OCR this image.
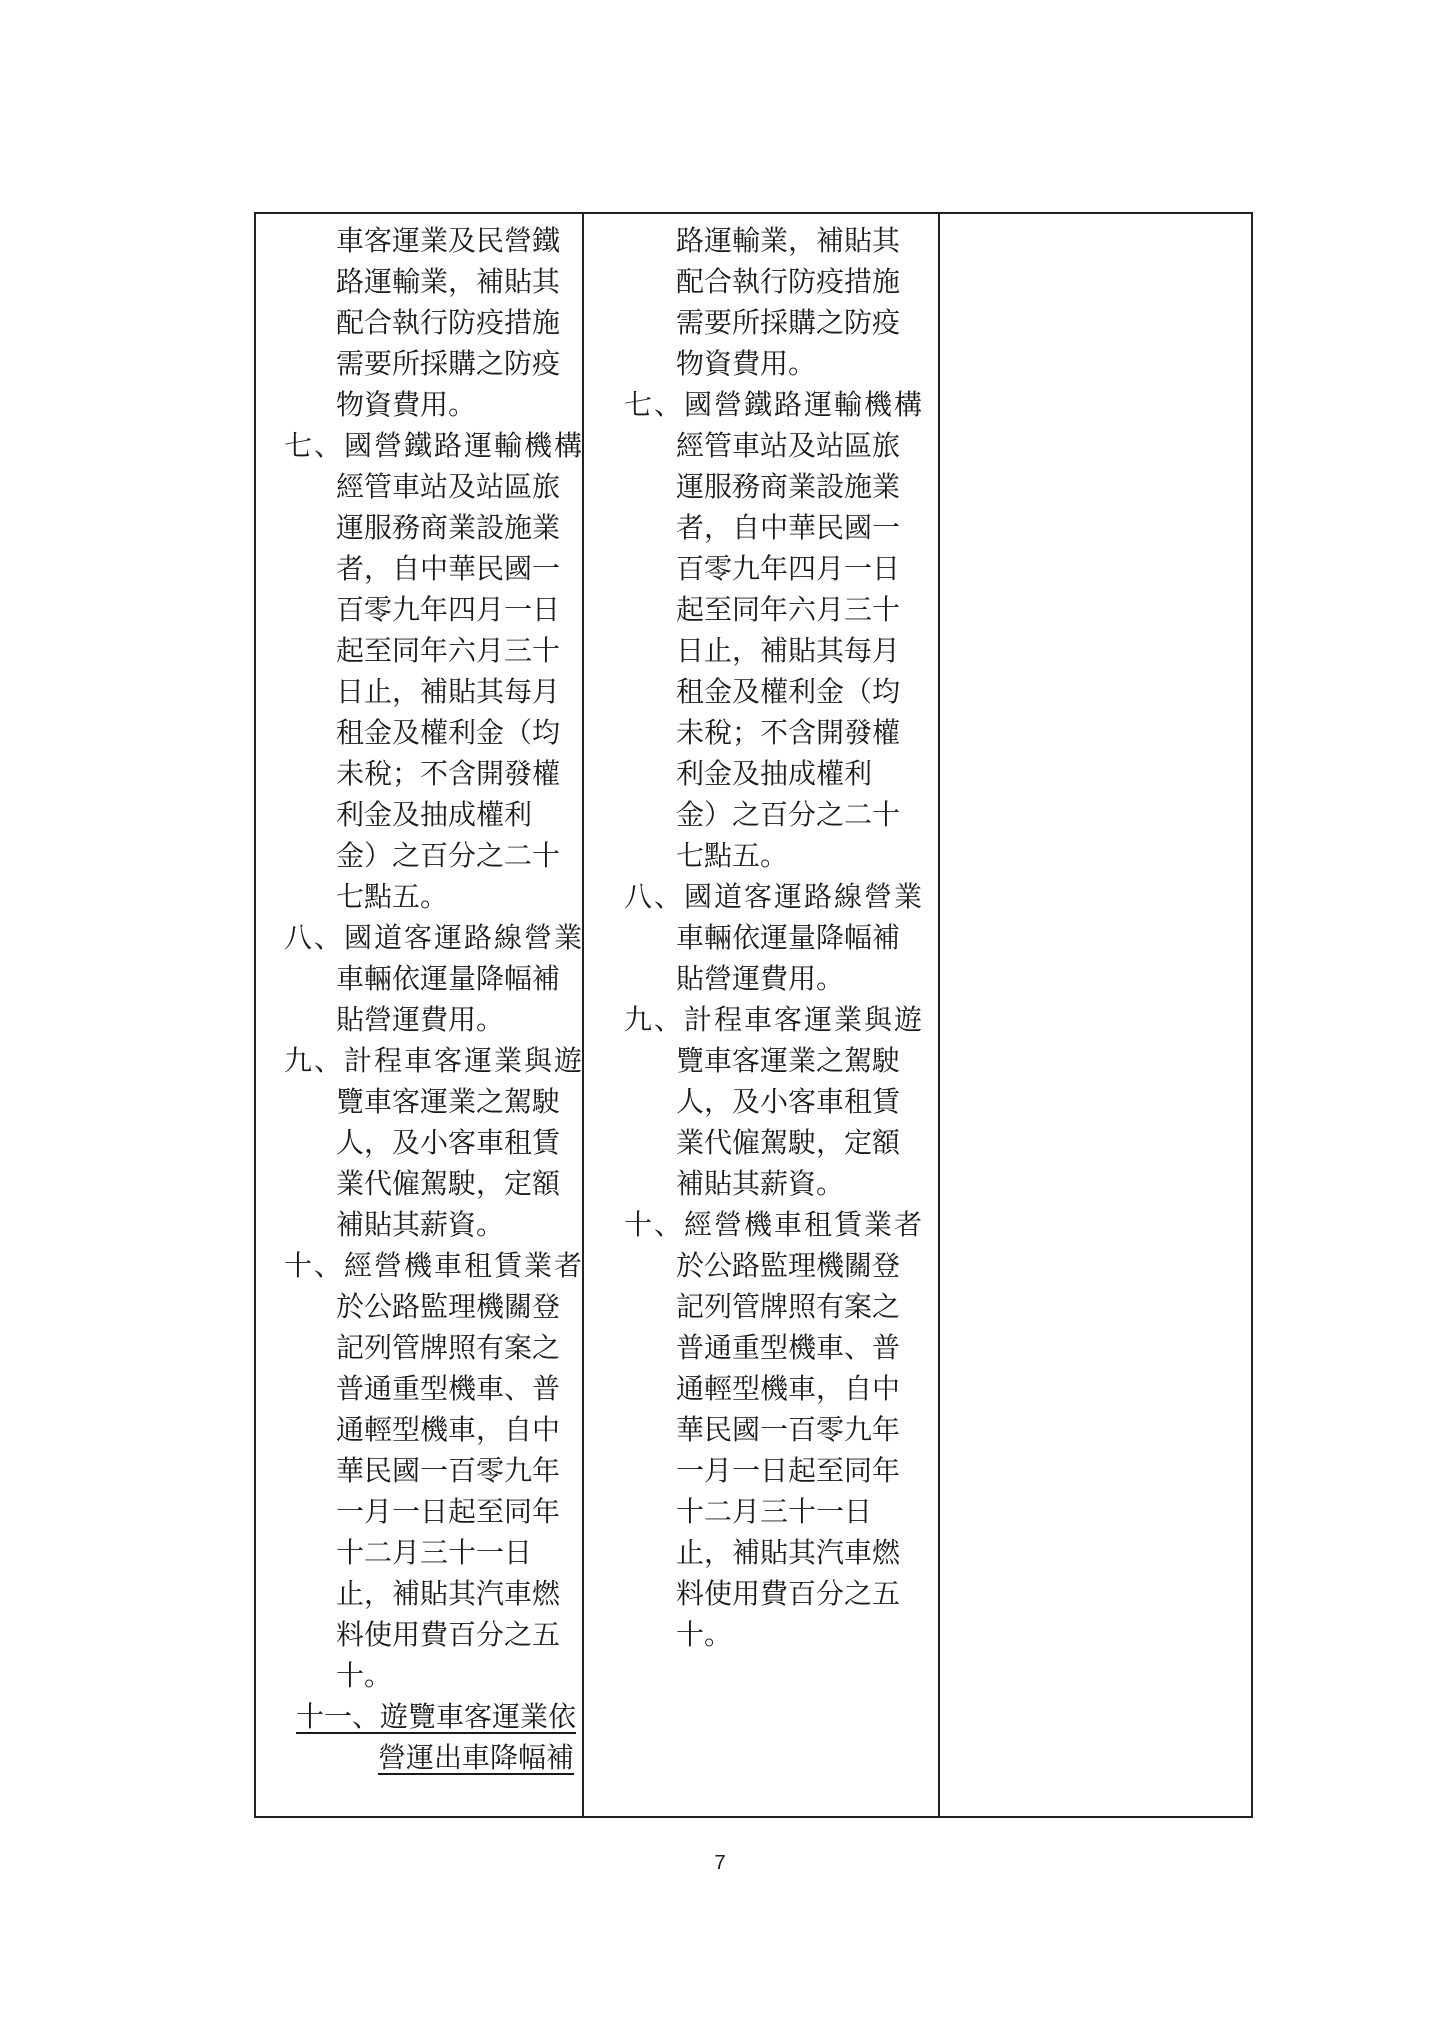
車客運業及民營鐵
路運輸業，補貼其
配合執行防疫措施
需要所採購之防疫
物資費用。
七、國營鐵路運輸機構
經管車站及站區旅
運服務商業設施業
者，自中華民國一
百零九年四月一日
起至同年六月三十
日止，補貼其每月
租金及權利金（均
未稅；不含開發權
利金及抽成權利
金）之百分之二十
七點五。
八、國道客運路線營業
車輛依運量降幅補
貼營運費用。
九、計程車客運業與遊
覽車客運業之駕駛
人，及小客車租賃
業代僱駕駛，定額
補貼其薪資。
十、經營機車租賃業者
於公路監理機關登
記列管牌照有案之
普通重型機車、普
通輕型機車，自中
華民國一百零九年
一月一日起至同年
十二月三十一日
止，補貼其汽車燃
料使用費百分之五
十。
十一、遊覽車客運業依
營運出車降幅補
路運輸業，補貼其
配合執行防疫措施
需要所採購之防疫
物資費用。
七、國營鐵路運輸機構
經管車站及站區旅
運服務商業設施業
者，自中華民國一
百零九年四月一日
起至同年六月三十
日止，補貼其每月
租金及權利金（均
未稅；不含開發權
利金及抽成權利
金）之百分之二十
七點五。
八、國道客運路線營業
車輛依運量降幅補
貼營運費用。
九、計程車客運業與遊
覽車客運業之駕駛
人，及小客車租賃
業代僱駕駛，定額
補貼其薪資。
十、經營機車租賃業者
於公路監理機關登
記列管牌照有案之
普通重型機車、普
通輕型機車，自中
華民國一百零九年
一月一日起至同年
十二月三十一日
止，補貼其汽車燃
料使用費百分之五
十。
7
